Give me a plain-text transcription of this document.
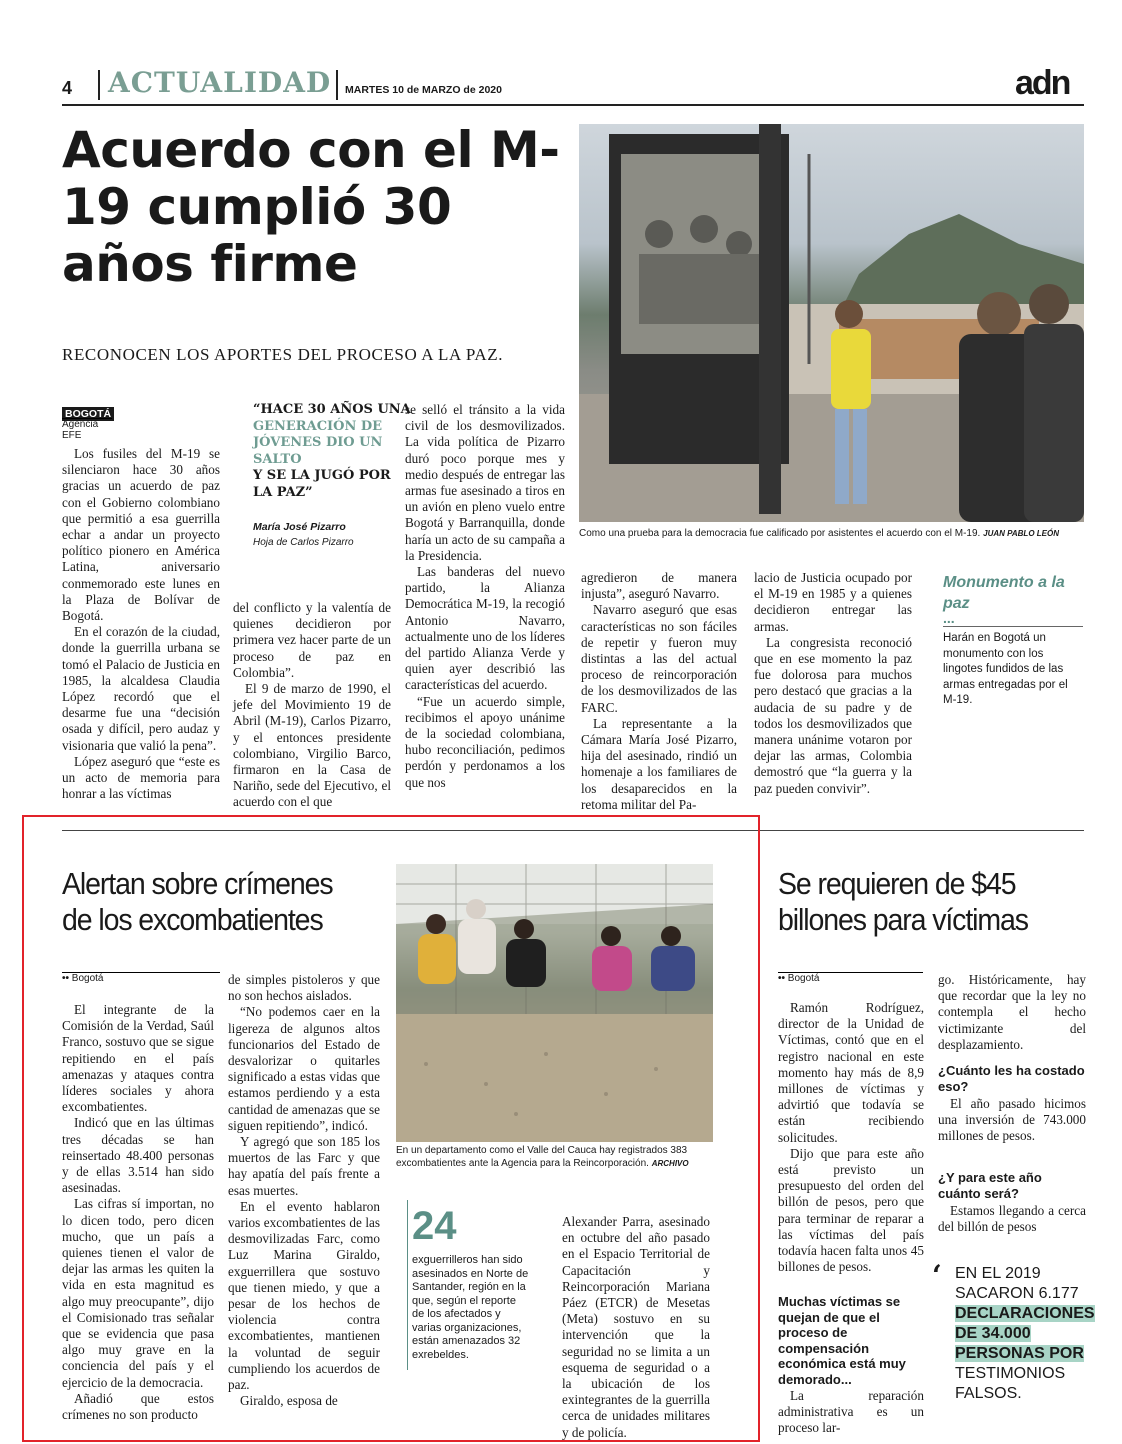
4 ACTUALIDAD MARTES 10 de MARZO de 2020	adn
Acuerdo con el M-19 cumplió 30 años firme
RECONOCEN LOS APORTES DEL PROCESO A LA PAZ.
BOGOTÁ
Agencia EFE

Los fusiles del M-19 se silenciaron hace 30 años gracias un acuerdo de paz con el Gobierno colombiano que permitió a esa guerrilla echar a andar un proyecto político pionero en América Latina, aniversario conmemorado este lunes en la Plaza de Bolívar de Bogotá.

En el corazón de la ciudad, donde la guerrilla urbana se tomó el Palacio de Justicia en 1985, la alcaldesa Claudia López recordó que el desarme fue una “decisión osada y difícil, pero audaz y visionaria que valió la pena”.

López aseguró que “este es un acto de memoria para honrar a las víctimas

“HACE 30 AÑOS UNA
GENERACIÓN DE JÓVENES DIO UN SALTO
Y SE LA JUGÓ POR LA PAZ”
María José Pizarro
Hoja de Carlos Pizarro

del conflicto y la valentía de quienes decidieron por primera vez hacer parte de un proceso de paz en Colombia”.

El 9 de marzo de 1990, el jefe del Movimiento 19 de Abril (M-19), Carlos Pizarro, y el entonces presidente colombiano, Virgilio Barco, firmaron en la Casa de Nariño, sede del Ejecutivo, el acuerdo con el que

se selló el tránsito a la vida civil de los desmovilizados. La vida política de Pizarro duró poco porque mes y medio después de entregar las armas fue asesinado a tiros en un avión en pleno vuelo entre Bogotá y Barranquilla, donde haría un acto de su campaña a la Presidencia.

Las banderas del nuevo partido, la Alianza Democrática M-19, la recogió Antonio Navarro, actualmente uno de los líderes del partido Alianza Verde y quien ayer describió las características del acuerdo.

“Fue un acuerdo simple, recibimos el apoyo unánime de la sociedad colombiana, hubo reconciliación, pedimos perdón y perdonamos a los que nos

agredieron de manera injusta”, aseguró Navarro.

Navarro aseguró que esas características no son fáciles de repetir y fueron muy distintas a las del actual proceso de reincorporación de los desmovilizados de las FARC.

La representante a la Cámara María José Pizarro, hija del asesinado, rindió un homenaje a los familiares de los desaparecidos en la retoma militar del Pa-

lacio de Justicia ocupado por el M-19 en 1985 y a quienes decidieron entregar las armas.

La congresista reconoció que en ese momento la paz fue dolorosa para muchos pero destacó que gracias a la audacia de su padre y de todos los desmovilizados que manera unánime votaron por dejar las armas, Colombia demostró que “la guerra y la paz pueden convivir”.

Como una prueba para la democracia fue calificado por asistentes el acuerdo con el M-19. JUAN PABLO LEÓN
Monumento a la paz
...
Harán en Bogotá un monumento con los lingotes fundidos de las armas entregadas por el M-19.
Alertan sobre crímenes de los excombatientes
•• Bogotá

El integrante de la Comisión de la Verdad, Saúl Franco, sostuvo que se sigue repitiendo en el país amenazas y ataques contra líderes sociales y ahora excombatientes.

Indicó que en las últimas tres décadas se han reinsertado 48.400 personas y de ellas 3.514 han sido asesinadas.

Las cifras sí importan, no lo dicen todo, pero dicen mucho, que un país a quienes tienen el valor de dejar las armas les quiten la vida en esta magnitud es algo muy preocupante”, dijo el Comisionado tras señalar que se evidencia que pasa algo muy grave en la conciencia del país y el ejercicio de la democracia.

Añadió que estos crímenes no son producto

de simples pistoleros y que no son hechos aislados.

“No podemos caer en la ligereza de algunos altos funcionarios del Estado de desvalorizar o quitarles significado a estas vidas que estamos perdiendo y a esta cantidad de amenazas que se siguen repitiendo”, indicó.

Y agregó que son 185 los muertos de las Farc y que hay apatía del país frente a esas muertes.

En el evento hablaron varios excombatientes de las desmovilizadas Farc, como Luz Marina Giraldo, exguerrillera que sostuvo que tienen miedo, y que a pesar de los hechos de violencia contra excombatientes, mantienen la voluntad de seguir cumpliendo los acuerdos de paz.

Giraldo, esposa de

En un departamento como el Valle del Cauca hay registrados 383 excombatientes ante la Agencia para la Reincorporación. ARCHIVO
24
exguerrilleros han sido asesinados en Norte de Santander, región en la que, según el reporte de los afectados y varias organizaciones, están amenazados 32 exrebeldes.

Alexander Parra, asesinado en octubre del año pasado en el Espacio Territorial de Capacitación y Reincorporación Mariana Páez (ETCR) de Mesetas (Meta) sostuvo en su intervención que la seguridad no se limita a un esquema de seguridad o a la ubicación de los exintegrantes de la guerrilla cerca de unidades militares y de policía.

Se requieren de $45 billones para víctimas
•• Bogotá

Ramón Rodríguez, director de la Unidad de Víctimas, contó que en el registro nacional en este momento hay más de 8,9 millones de víctimas y advirtió que todavía se están recibiendo solicitudes.

Dijo que para este año está previsto un presupuesto del orden del billón de pesos, pero que para terminar de reparar a las víctimas del país todavía hacen falta unos 45 billones de pesos.

Muchas víctimas se quejan de que el proceso de compensación económica está muy demorado...

La reparación administrativa es un proceso lar-

go. Históricamente, hay que recordar que la ley no contempla el hecho victimizante del desplazamiento.

¿Cuánto les ha costado eso?

El año pasado hicimos una inversión de 743.000 millones de pesos.

¿Y para este año cuánto será?

Estamos llegando a cerca del billón de pesos

‘ EN EL 2019 SACARON 6.177
DECLARACIONES DE 34.000 PERSONAS POR
TESTIMONIOS FALSOS.
